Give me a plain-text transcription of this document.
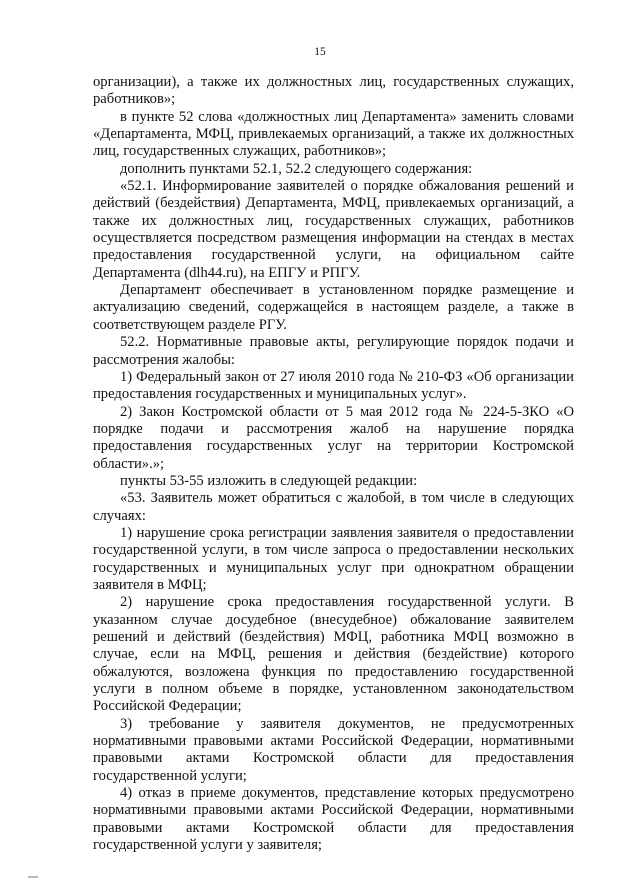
15

организации), а также их должностных лиц, государственных служащих, работников»;

в пункте 52 слова «должностных лиц Департамента» заменить словами «Департамента, МФЦ, привлекаемых организаций, а также их должностных лиц, государственных служащих, работников»;

дополнить пунктами 52.1, 52.2 следующего содержания:

«52.1. Информирование заявителей о порядке обжалования решений и действий (бездействия) Департамента, МФЦ, привлекаемых организаций, а также их должностных лиц, государственных служащих, работников осуществляется посредством размещения информации на стендах в местах предоставления государственной услуги, на официальном сайте Департамента (dlh44.ru), на ЕПГУ и РПГУ.

Департамент обеспечивает в установленном порядке размещение и актуализацию сведений, содержащейся в настоящем разделе, а также в соответствующем разделе РГУ.

52.2. Нормативные правовые акты, регулирующие порядок подачи и рассмотрения жалобы:

1) Федеральный закон от 27 июля 2010 года № 210-ФЗ «Об организации предоставления государственных и муниципальных услуг».

2) Закон Костромской области от 5 мая 2012 года № 224-5-ЗКО «О порядке подачи и рассмотрения жалоб на нарушение порядка предоставления государственных услуг на территории Костромской области».»;

пункты 53-55 изложить в следующей редакции:

«53. Заявитель может обратиться с жалобой, в том числе в следующих случаях:

1) нарушение срока регистрации заявления заявителя о предоставлении государственной услуги, в том числе запроса о предоставлении нескольких государственных и муниципальных услуг при однократном обращении заявителя в МФЦ;

2) нарушение срока предоставления государственной услуги. В указанном случае досудебное (внесудебное) обжалование заявителем решений и действий (бездействия) МФЦ, работника МФЦ возможно в случае, если на МФЦ, решения и действия (бездействие) которого обжалуются, возложена функция по предоставлению государственной услуги в полном объеме в порядке, установленном законодательством Российской Федерации;

3) требование у заявителя документов, не предусмотренных нормативными правовыми актами Российской Федерации, нормативными правовыми актами Костромской области для предоставления государственной услуги;

4) отказ в приеме документов, представление которых предусмотрено нормативными правовыми актами Российской Федерации, нормативными правовыми актами Костромской области для предоставления государственной услуги у заявителя;
